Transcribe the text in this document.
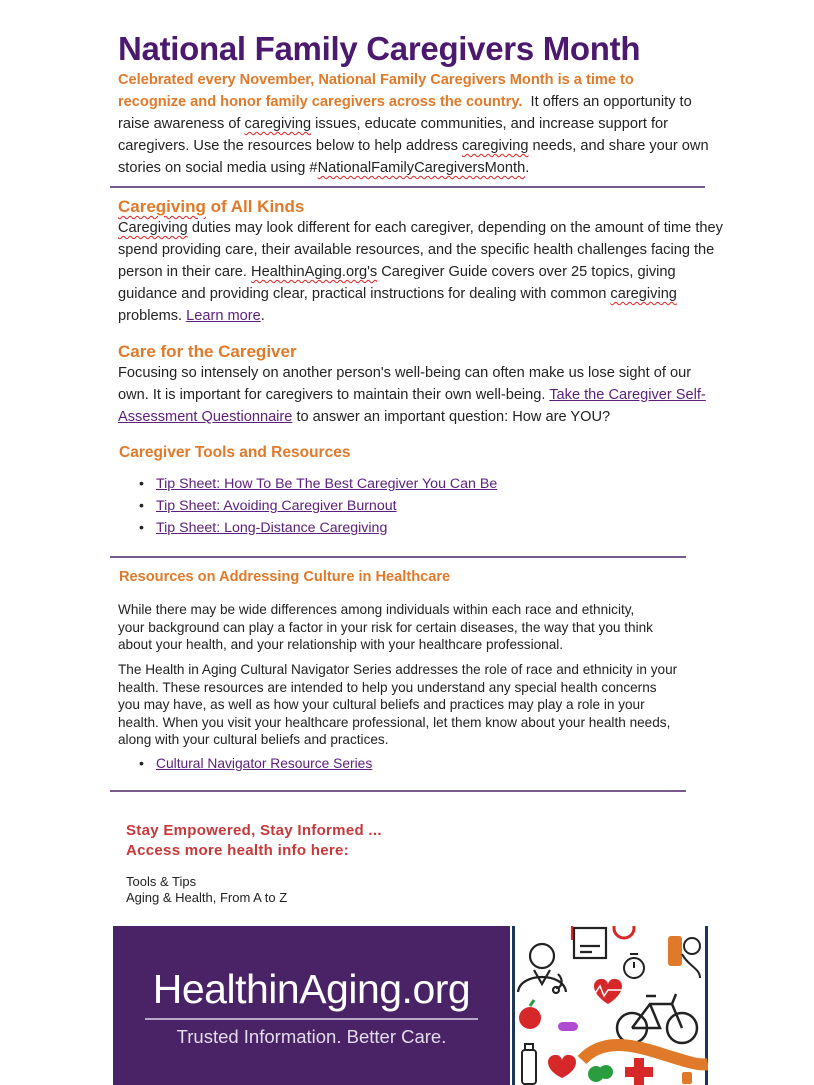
National Family Caregivers Month
Celebrated every November, National Family Caregivers Month is a time to
recognize and honor family caregivers across the country. It offers an opportunity to
raise awareness of caregiving issues, educate communities, and increase support for
caregivers. Use the resources below to help address caregiving needs, and share your own
stories on social media using #NationalFamilyCaregiversMonth.
Caregiving of All Kinds
Caregiving duties may look different for each caregiver, depending on the amount of time they
spend providing care, their available resources, and the specific health challenges facing the
person in their care. HealthinAging.org's Caregiver Guide covers over 25 topics, giving
guidance and providing clear, practical instructions for dealing with common caregiving
problems. Learn more.
Care for the Caregiver
Focusing so intensely on another person's well-being can often make us lose sight of our
own. It is important for caregivers to maintain their own well-being. Take the Caregiver Self-
Assessment Questionnaire to answer an important question: How are YOU?
Caregiver Tools and Resources
• Tip Sheet: How To Be The Best Caregiver You Can Be
• Tip Sheet: Avoiding Caregiver Burnout
• Tip Sheet: Long-Distance Caregiving
Resources on Addressing Culture in Healthcare
While there may be wide differences among individuals within each race and ethnicity, your background can play a factor in your risk for certain diseases, the way that you think about your health, and your relationship with your healthcare professional.
The Health in Aging Cultural Navigator Series addresses the role of race and ethnicity in your health. These resources are intended to help you understand any special health concerns you may have, as well as how your cultural beliefs and practices may play a role in your health. When you visit your healthcare professional, let them know about your health needs, along with your cultural beliefs and practices.
• Cultural Navigator Resource Series
Stay Empowered, Stay Informed ...
Access more health info here:
Tools & Tips
Aging & Health, From A to Z
HealthinAging.org
Trusted Information. Better Care.
